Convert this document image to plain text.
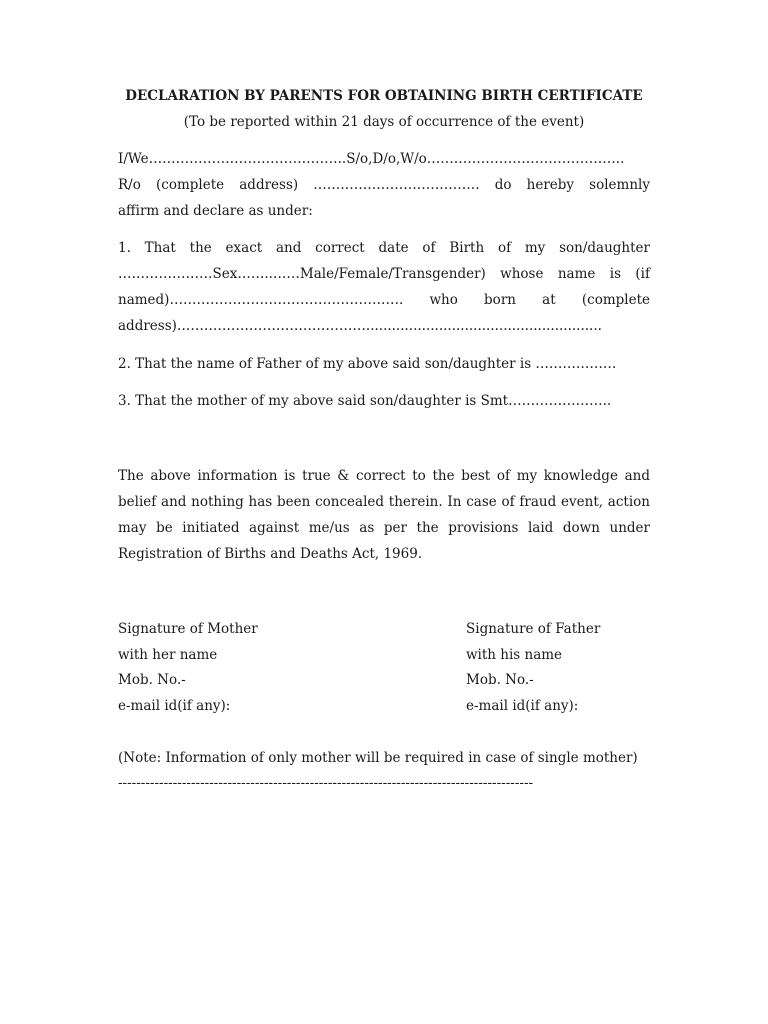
DECLARATION BY PARENTS FOR OBTAINING BIRTH CERTIFICATE
(To be reported within 21 days of occurrence of the event)
I/We……………………………………..S/o,D/o,W/o……………………………………..
R/o (complete address) ………………………………. do hereby solemnly
affirm and declare as under:
1. That the exact and correct date of Birth of my son/daughter
…………………Sex……..……Male/Female/Transgender) whose name is (if
named)……………………………………………. who born at (complete
address)…………………………………….......................................................
2. That the name of Father of my above said son/daughter is ………………
3. That the mother of my above said son/daughter is Smt…………………..
The above information is true & correct to the best of my knowledge and
belief and nothing has been concealed therein. In case of fraud event, action
may be initiated against me/us as per the provisions laid down under
Registration of Births and Deaths Act, 1969.
Signature of Mother
with her name
Mob. No.-
e-mail id(if any):
Signature of Father
with his name
Mob. No.-
e-mail id(if any):
(Note: Information of only mother will be required in case of single mother)
-------------------------------------------------------------------------------------------
